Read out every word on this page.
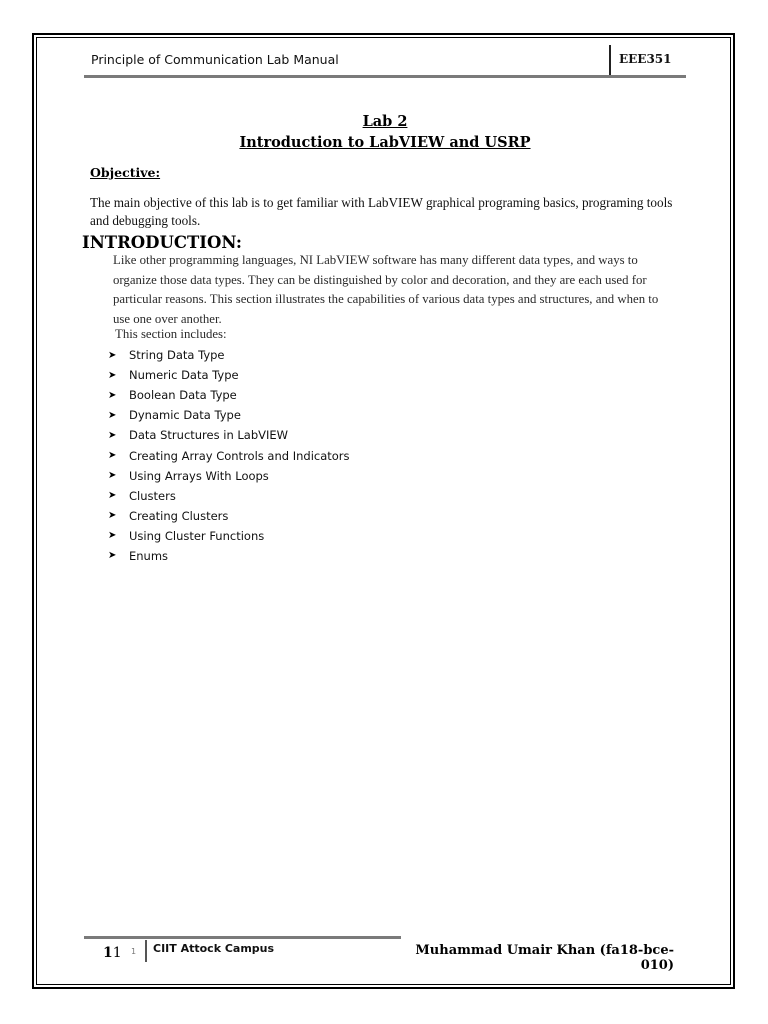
Principle of Communication Lab Manual	EEE351
Lab 2
Introduction to LabVIEW and USRP
Objective:
The main objective of this lab is to get familiar with LabVIEW graphical programing basics, programing tools and debugging tools.
INTRODUCTION:
Like other programming languages, NI LabVIEW software has many different data types, and ways to organize those data types. They can be distinguished by color and decoration, and they are each used for particular reasons. This section illustrates the capabilities of various data types and structures, and when to use one over another.
This section includes:
➤	String Data Type
➤	Numeric Data Type
➤	Boolean Data Type
➤	Dynamic Data Type
➤	Data Structures in LabVIEW
➤	Creating Array Controls and Indicators
➤	Using Arrays With Loops
➤	Clusters
➤	Creating Clusters
➤	Using Cluster Functions
➤	Enums
11 1 CIIT Attock Campus	Muhammad Umair Khan (fa18-bce-010)
